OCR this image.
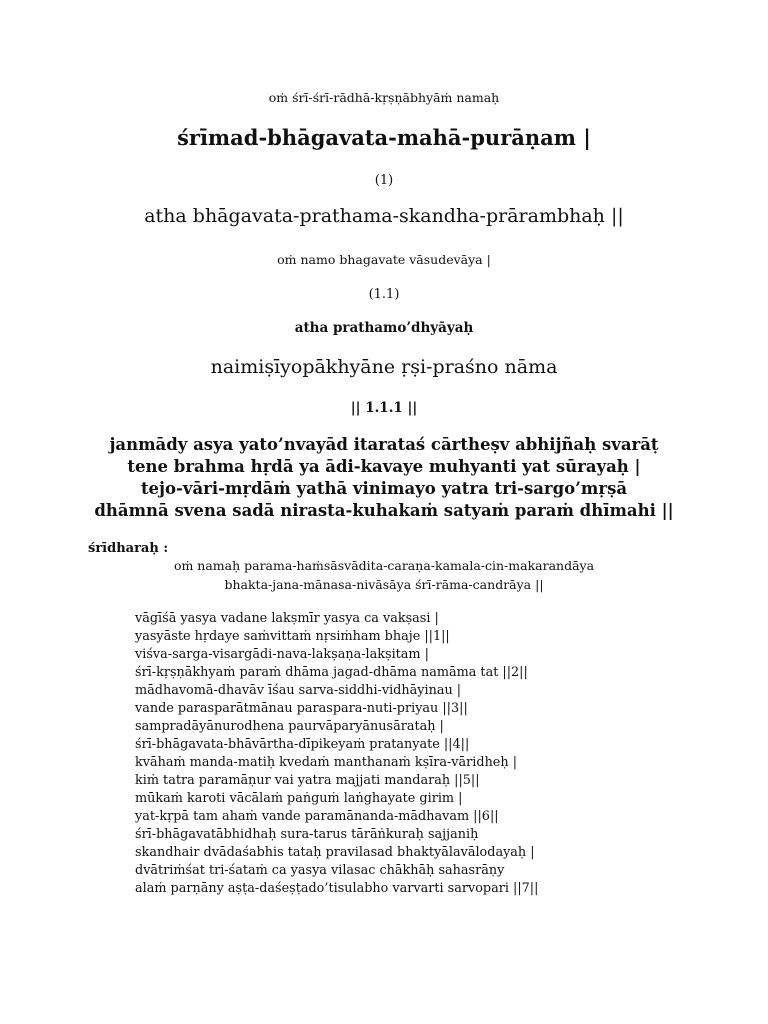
oṁ śrī-śrī-rādhā-kṛṣṇābhyāṁ namaḥ
śrīmad-bhāgavata-mahā-purāṇam |
(1)
atha bhāgavata-prathama-skandha-prārambhaḥ ||
oṁ namo bhagavate vāsudevāya |
(1.1)
atha prathamo’dhyāyaḥ
naimiṣīyopākhyāne ṛṣi-praśno nāma
|| 1.1.1 ||
janmādy asya yato’nvayād itarataś cārtheṣv abhijñaḥ svarāṭ
tene brahma hṛdā ya ādi-kavaye muhyanti yat sūrayaḥ |
tejo-vāri-mṛdāṁ yathā vinimayo yatra tri-sargo’mṛṣā
dhāmnā svena sadā nirasta-kuhakaṁ satyaṁ paraṁ dhīmahi ||
śrīdharaḥ :
oṁ namaḥ parama-haṁsāsvādita-caraṇa-kamala-cin-makarandāya
bhakta-jana-mānasa-nivāsāya śrī-rāma-candrāya ||
vāgīśā yasya vadane lakṣmīr yasya ca vakṣasi |
yasyāste hṛdaye saṁvittaṁ nṛsiṁham bhaje ||1||
viśva-sarga-visargādi-nava-lakṣaṇa-lakṣitam |
śrī-kṛṣṇākhyaṁ paraṁ dhāma jagad-dhāma namāma tat ||2||
mādhavomā-dhavāv īśau sarva-siddhi-vidhāyinau |
vande parasparātmānau paraspara-nuti-priyau ||3||
sampradāyānurodhena paurvāparyānusārataḥ |
śrī-bhāgavata-bhāvārtha-dīpikeyaṁ pratanyate ||4||
kvāhaṁ manda-matiḥ kvedaṁ manthanaṁ kṣīra-vāridheḥ |
kiṁ tatra paramāṇur vai yatra majjati mandaraḥ ||5||
mūkaṁ karoti vācālaṁ paṅguṁ laṅghayate girim |
yat-kṛpā tam ahaṁ vande paramānanda-mādhavam ||6||
śrī-bhāgavatābhidhaḥ sura-tarus tārāṅkuraḥ sajjaniḥ
skandhair dvādaśabhis tataḥ pravilasad bhaktyālavālodayaḥ |
dvātriṁśat tri-śataṁ ca yasya vilasac chākhāḥ sahasrāṇy
alaṁ parṇāny aṣṭa-daśeṣṭado’tisulabho varvarti sarvopari ||7||
